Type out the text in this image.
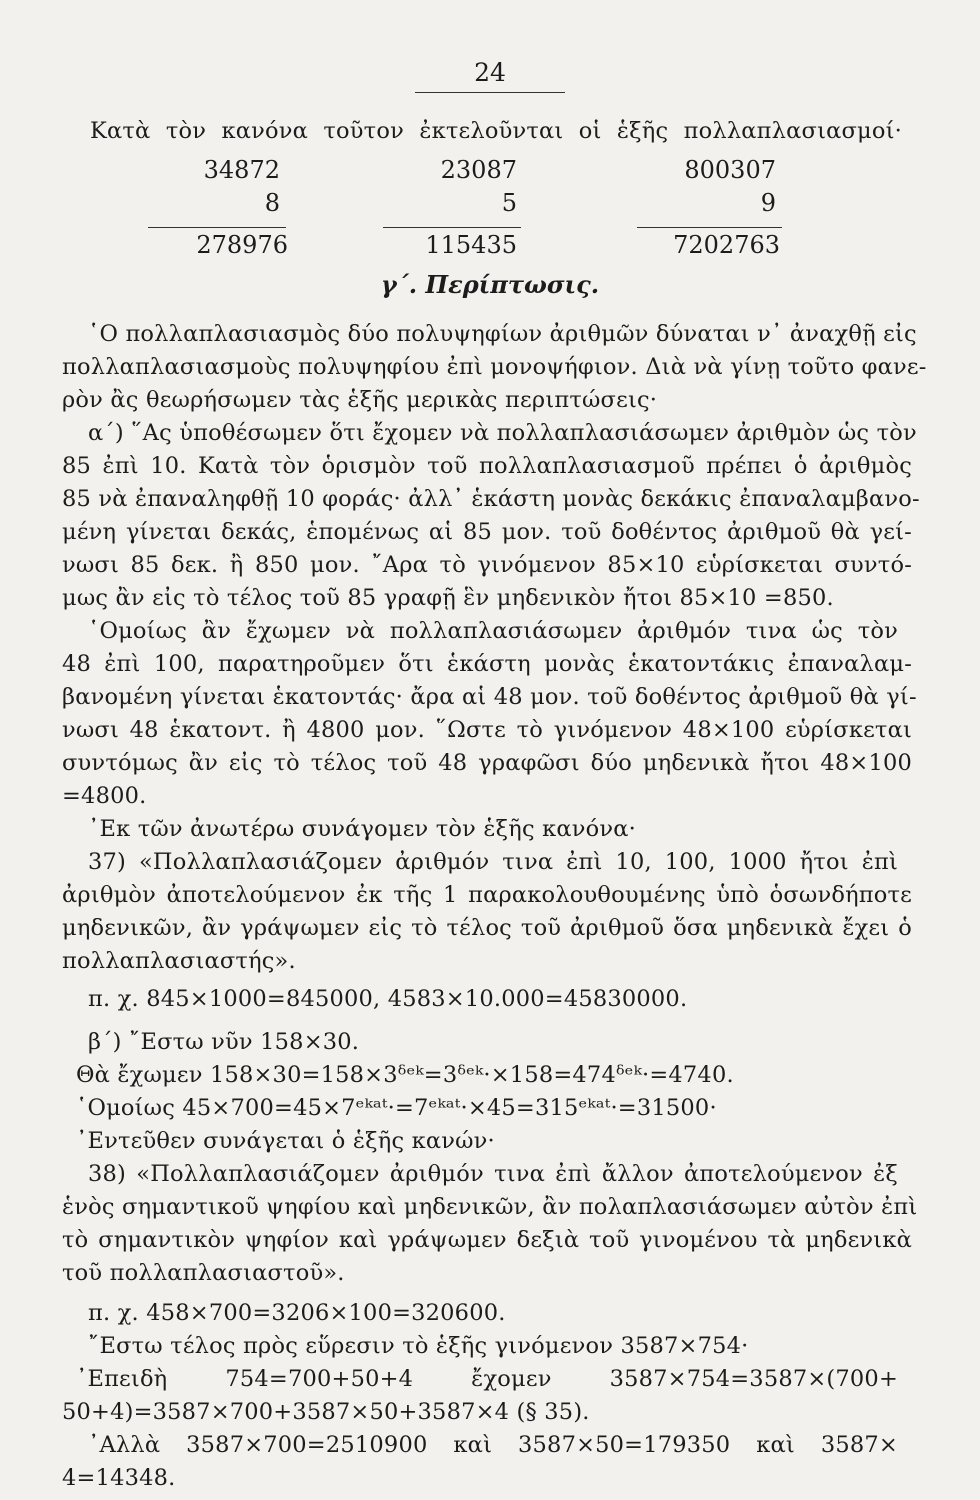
24
Κατὰ τὸν κανόνα τοῦτον ἐκτελοῦνται οἱ ἑξῆς πολλαπλασιασμοί·
34872
8
278976
23087
5
115435
800307
9
7202763
γ΄. Περίπτωσις.
῾Ο πολλαπλασιασμὸς δύο πολυψηφίων ἀριθμῶν δύναται ν᾿ ἀναχθῇ εἰς
πολλαπλασιασμοὺς πολυψηφίου ἐπὶ μονοψήφιον. Διὰ νὰ γίνῃ τοῦτο φανε-
ρὸν ἂς θεωρήσωμεν τὰς ἑξῆς μερικὰς περιπτώσεις·
α΄) ῞Ας ὑποθέσωμεν ὅτι ἔχομεν νὰ πολλαπλασιάσωμεν ἀριθμὸν ὡς τὸν
85 ἐπὶ 10. Κατὰ τὸν ὁρισμὸν τοῦ πολλαπλασιασμοῦ πρέπει ὁ ἀριθμὸς
85 νὰ ἐπαναληφθῇ 10 φοράς· ἀλλ᾿ ἑκάστη μονὰς δεκάκις ἐπαναλαμβανο-
μένη γίνεται δεκάς, ἑπομένως αἱ 85 μον. τοῦ δοθέντος ἀριθμοῦ θὰ γεί-
νωσι 85 δεκ. ἢ 850 μον. ῎Αρα τὸ γινόμενον 85×10 εὑρίσκεται συντό-
μως ἂν εἰς τὸ τέλος τοῦ 85 γραφῇ ἓν μηδενικὸν ἤτοι 85×10 =850.
῾Ομοίως ἂν ἔχωμεν νὰ πολλαπλασιάσωμεν ἀριθμόν τινα ὡς τὸν
48 ἐπὶ 100, παρατηροῦμεν ὅτι ἑκάστη μονὰς ἑκατοντάκις ἐπαναλαμ-
βανομένη γίνεται ἑκατοντάς· ἄρα αἱ 48 μον. τοῦ δοθέντος ἀριθμοῦ θὰ γί-
νωσι 48 ἑκατοντ. ἢ 4800 μον. ῞Ωστε τὸ γινόμενον 48×100 εὑρίσκεται
συντόμως ἂν εἰς τὸ τέλος τοῦ 48 γραφῶσι δύο μηδενικὰ ἤτοι 48×100
=4800.
᾿Εκ τῶν ἀνωτέρω συνάγομεν τὸν ἑξῆς κανόνα·
37) «Πολλαπλασιάζομεν ἀριθμόν τινα ἐπὶ 10, 100, 1000 ἤτοι ἐπὶ
ἀριθμὸν ἀποτελούμενον ἐκ τῆς 1 παρακολουθουμένης ὑπὸ ὁσωνδήποτε
μηδενικῶν, ἂν γράψωμεν εἰς τὸ τέλος τοῦ ἀριθμοῦ ὅσα μηδενικὰ ἔχει ὁ
πολλαπλασιαστής».
π. χ. 845×1000=845000, 4583×10.000=45830000.
β΄) ῎Εστω νῦν 158×30.
Θὰ ἔχωμεν 158×30=158×3ᵟᵉᵏ=3ᵟᵉᵏ·×158=474ᵟᵉᵏ·=4740.
῾Ομοίως 45×700=45×7ᵉᵏᵃᵗ·=7ᵉᵏᵃᵗ·×45=315ᵉᵏᵃᵗ·=31500·
᾿Εντεῦθεν συνάγεται ὁ ἑξῆς κανών·
38) «Πολλαπλασιάζομεν ἀριθμόν τινα ἐπὶ ἄλλον ἀποτελούμενον ἐξ
ἑνὸς σημαντικοῦ ψηφίου καὶ μηδενικῶν, ἂν πολαπλασιάσωμεν αὐτὸν ἐπὶ
τὸ σημαντικὸν ψηφίον καὶ γράψωμεν δεξιὰ τοῦ γινομένου τὰ μηδενικὰ
τοῦ πολλαπλασιαστοῦ».
π. χ. 458×700=3206×100=320600.
῎Εστω τέλος πρὸς εὕρεσιν τὸ ἑξῆς γινόμενον 3587×754·
᾿Επειδὴ 754=700+50+4 ἔχομεν 3587×754=3587×(700+
50+4)=3587×700+3587×50+3587×4 (§ 35).
᾿Αλλὰ 3587×700=2510900 καὶ 3587×50=179350 καὶ 3587×
4=14348.
